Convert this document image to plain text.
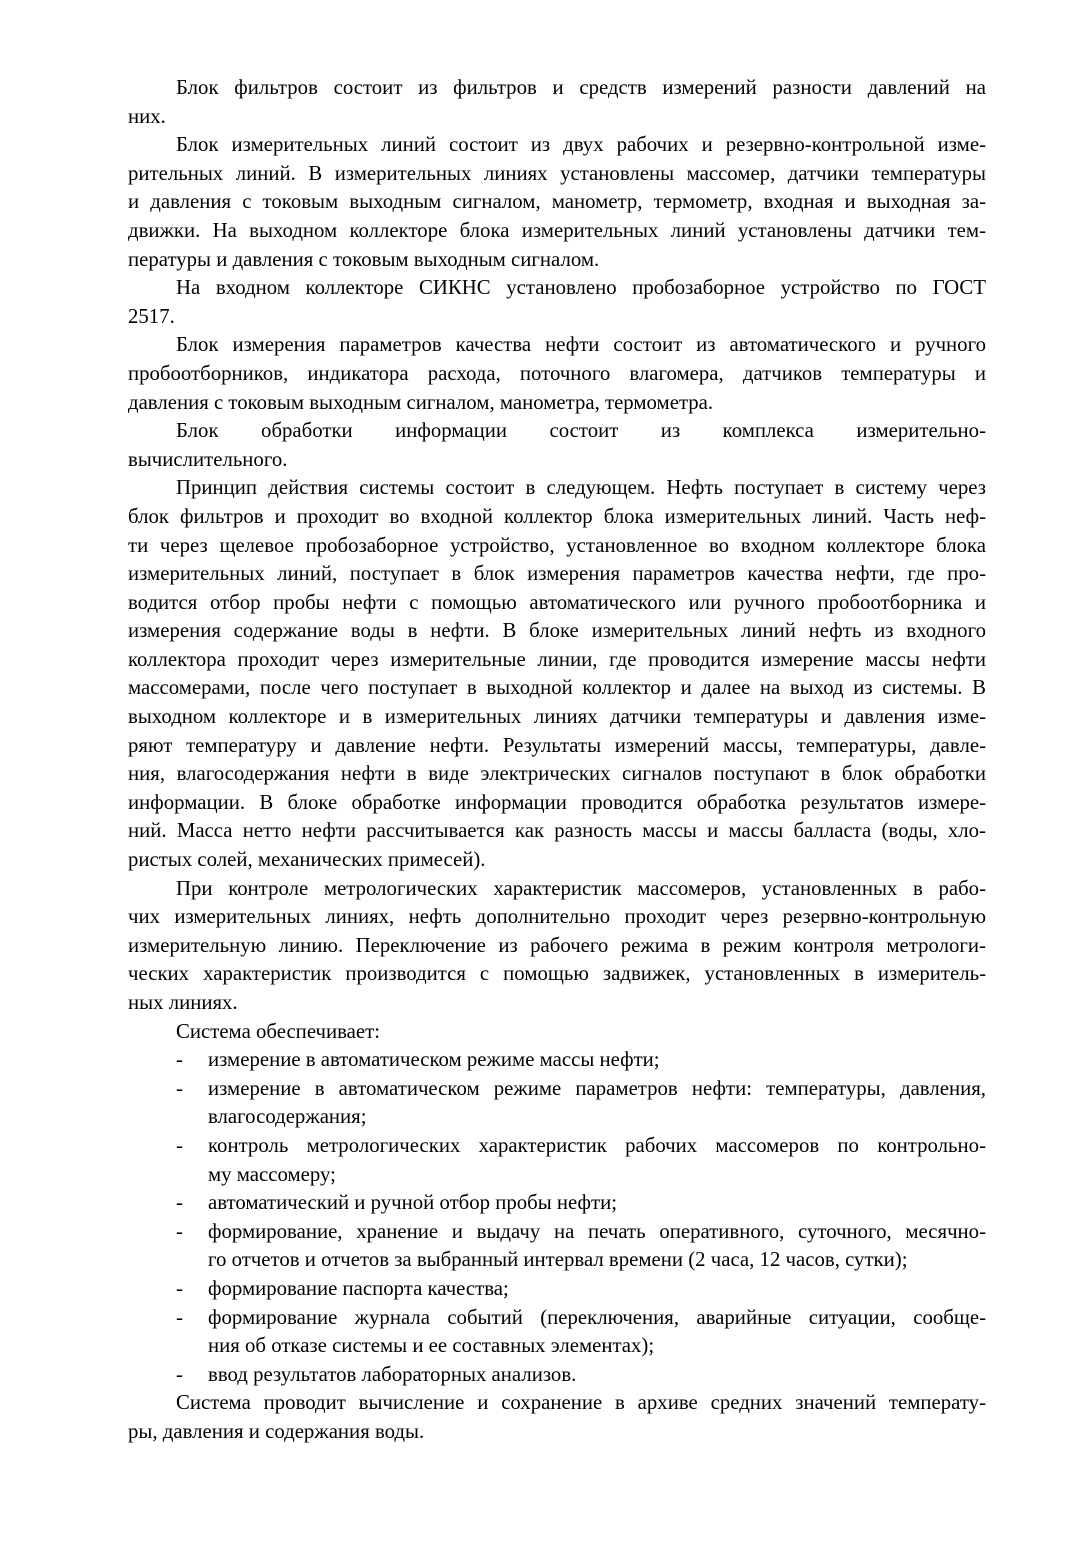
Блок фильтров состоит из фильтров и средств измерений разности давлений на
них.

Блок измерительных линий состоит из двух рабочих и резервно-контрольной изме-
рительных линий. В измерительных линиях установлены массомер, датчики температуры
и давления с токовым выходным сигналом, манометр, термометр, входная и выходная за-
движки. На выходном коллекторе блока измерительных линий установлены датчики тем-
пературы и давления с токовым выходным сигналом.

На входном коллекторе СИКНС установлено пробозаборное устройство по ГОСТ
2517.

Блок измерения параметров качества нефти состоит из автоматического и ручного
пробоотборников, индикатора расхода, поточного влагомера, датчиков температуры и
давления с токовым выходным сигналом, манометра, термометра.

Блок обработки информации состоит из комплекса измерительно-
вычислительного.

Принцип действия системы состоит в следующем. Нефть поступает в систему через
блок фильтров и проходит во входной коллектор блока измерительных линий. Часть неф-
ти через щелевое пробозаборное устройство, установленное во входном коллекторе блока
измерительных линий, поступает в блок измерения параметров качества нефти, где про-
водится отбор пробы нефти с помощью автоматического или ручного пробоотборника и
измерения содержание воды в нефти. В блоке измерительных линий нефть из входного
коллектора проходит через измерительные линии, где проводится измерение массы нефти
массомерами, после чего поступает в выходной коллектор и далее на выход из системы. В
выходном коллекторе и в измерительных линиях датчики температуры и давления изме-
ряют температуру и давление нефти. Результаты измерений массы, температуры, давле-
ния, влагосодержания нефти в виде электрических сигналов поступают в блок обработки
информации. В блоке обработке информации проводится обработка результатов измере-
ний. Масса нетто нефти рассчитывается как разность массы и массы балласта (воды, хло-
ристых солей, механических примесей).

При контроле метрологических характеристик массомеров, установленных в рабо-
чих измерительных линиях, нефть дополнительно проходит через резервно-контрольную
измерительную линию. Переключение из рабочего режима в режим контроля метрологи-
ческих характеристик производится с помощью задвижек, установленных в измеритель-
ных линиях.

Система обеспечивает:

- измерение в автоматическом режиме массы нефти;
- измерение в автоматическом режиме параметров нефти: температуры, давления,
влагосодержания;
- контроль метрологических характеристик рабочих массомеров по контрольно-
му массомеру;
- автоматический и ручной отбор пробы нефти;
- формирование, хранение и выдачу на печать оперативного, суточного, месячно-
го отчетов и отчетов за выбранный интервал времени (2 часа, 12 часов, сутки);
- формирование паспорта качества;
- формирование журнала событий (переключения, аварийные ситуации, сообще-
ния об отказе системы и ее составных элементах);
- ввод результатов лабораторных анализов.

Система проводит вычисление и сохранение в архиве средних значений температу-
ры, давления и содержания воды.
